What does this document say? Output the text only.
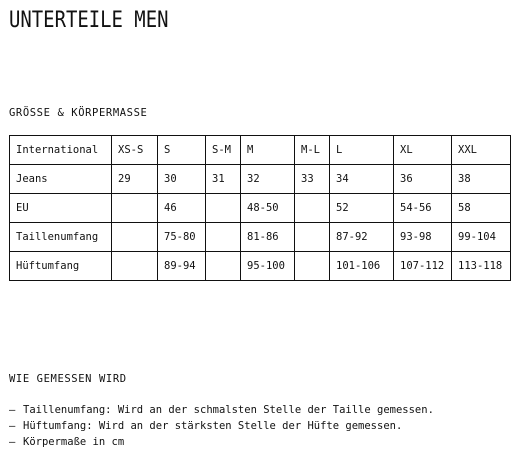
UNTERTEILE MEN
GRÖSSE & KÖRPERMASSE
International	XS-S	S	S-M	M	M-L	L	XL	XXL
Jeans	29	30	31	32	33	34	36	38
EU		46		48-50		52	54-56	58
Taillenumfang		75-80		81-86		87-92	93-98	99-104
Hüftumfang		89-94		95-100		101-106	107-112	113-118
WIE GEMESSEN WIRD
– Taillenumfang: Wird an der schmalsten Stelle der Taille gemessen.
– Hüftumfang: Wird an der stärksten Stelle der Hüfte gemessen.
– Körpermaße in cm
